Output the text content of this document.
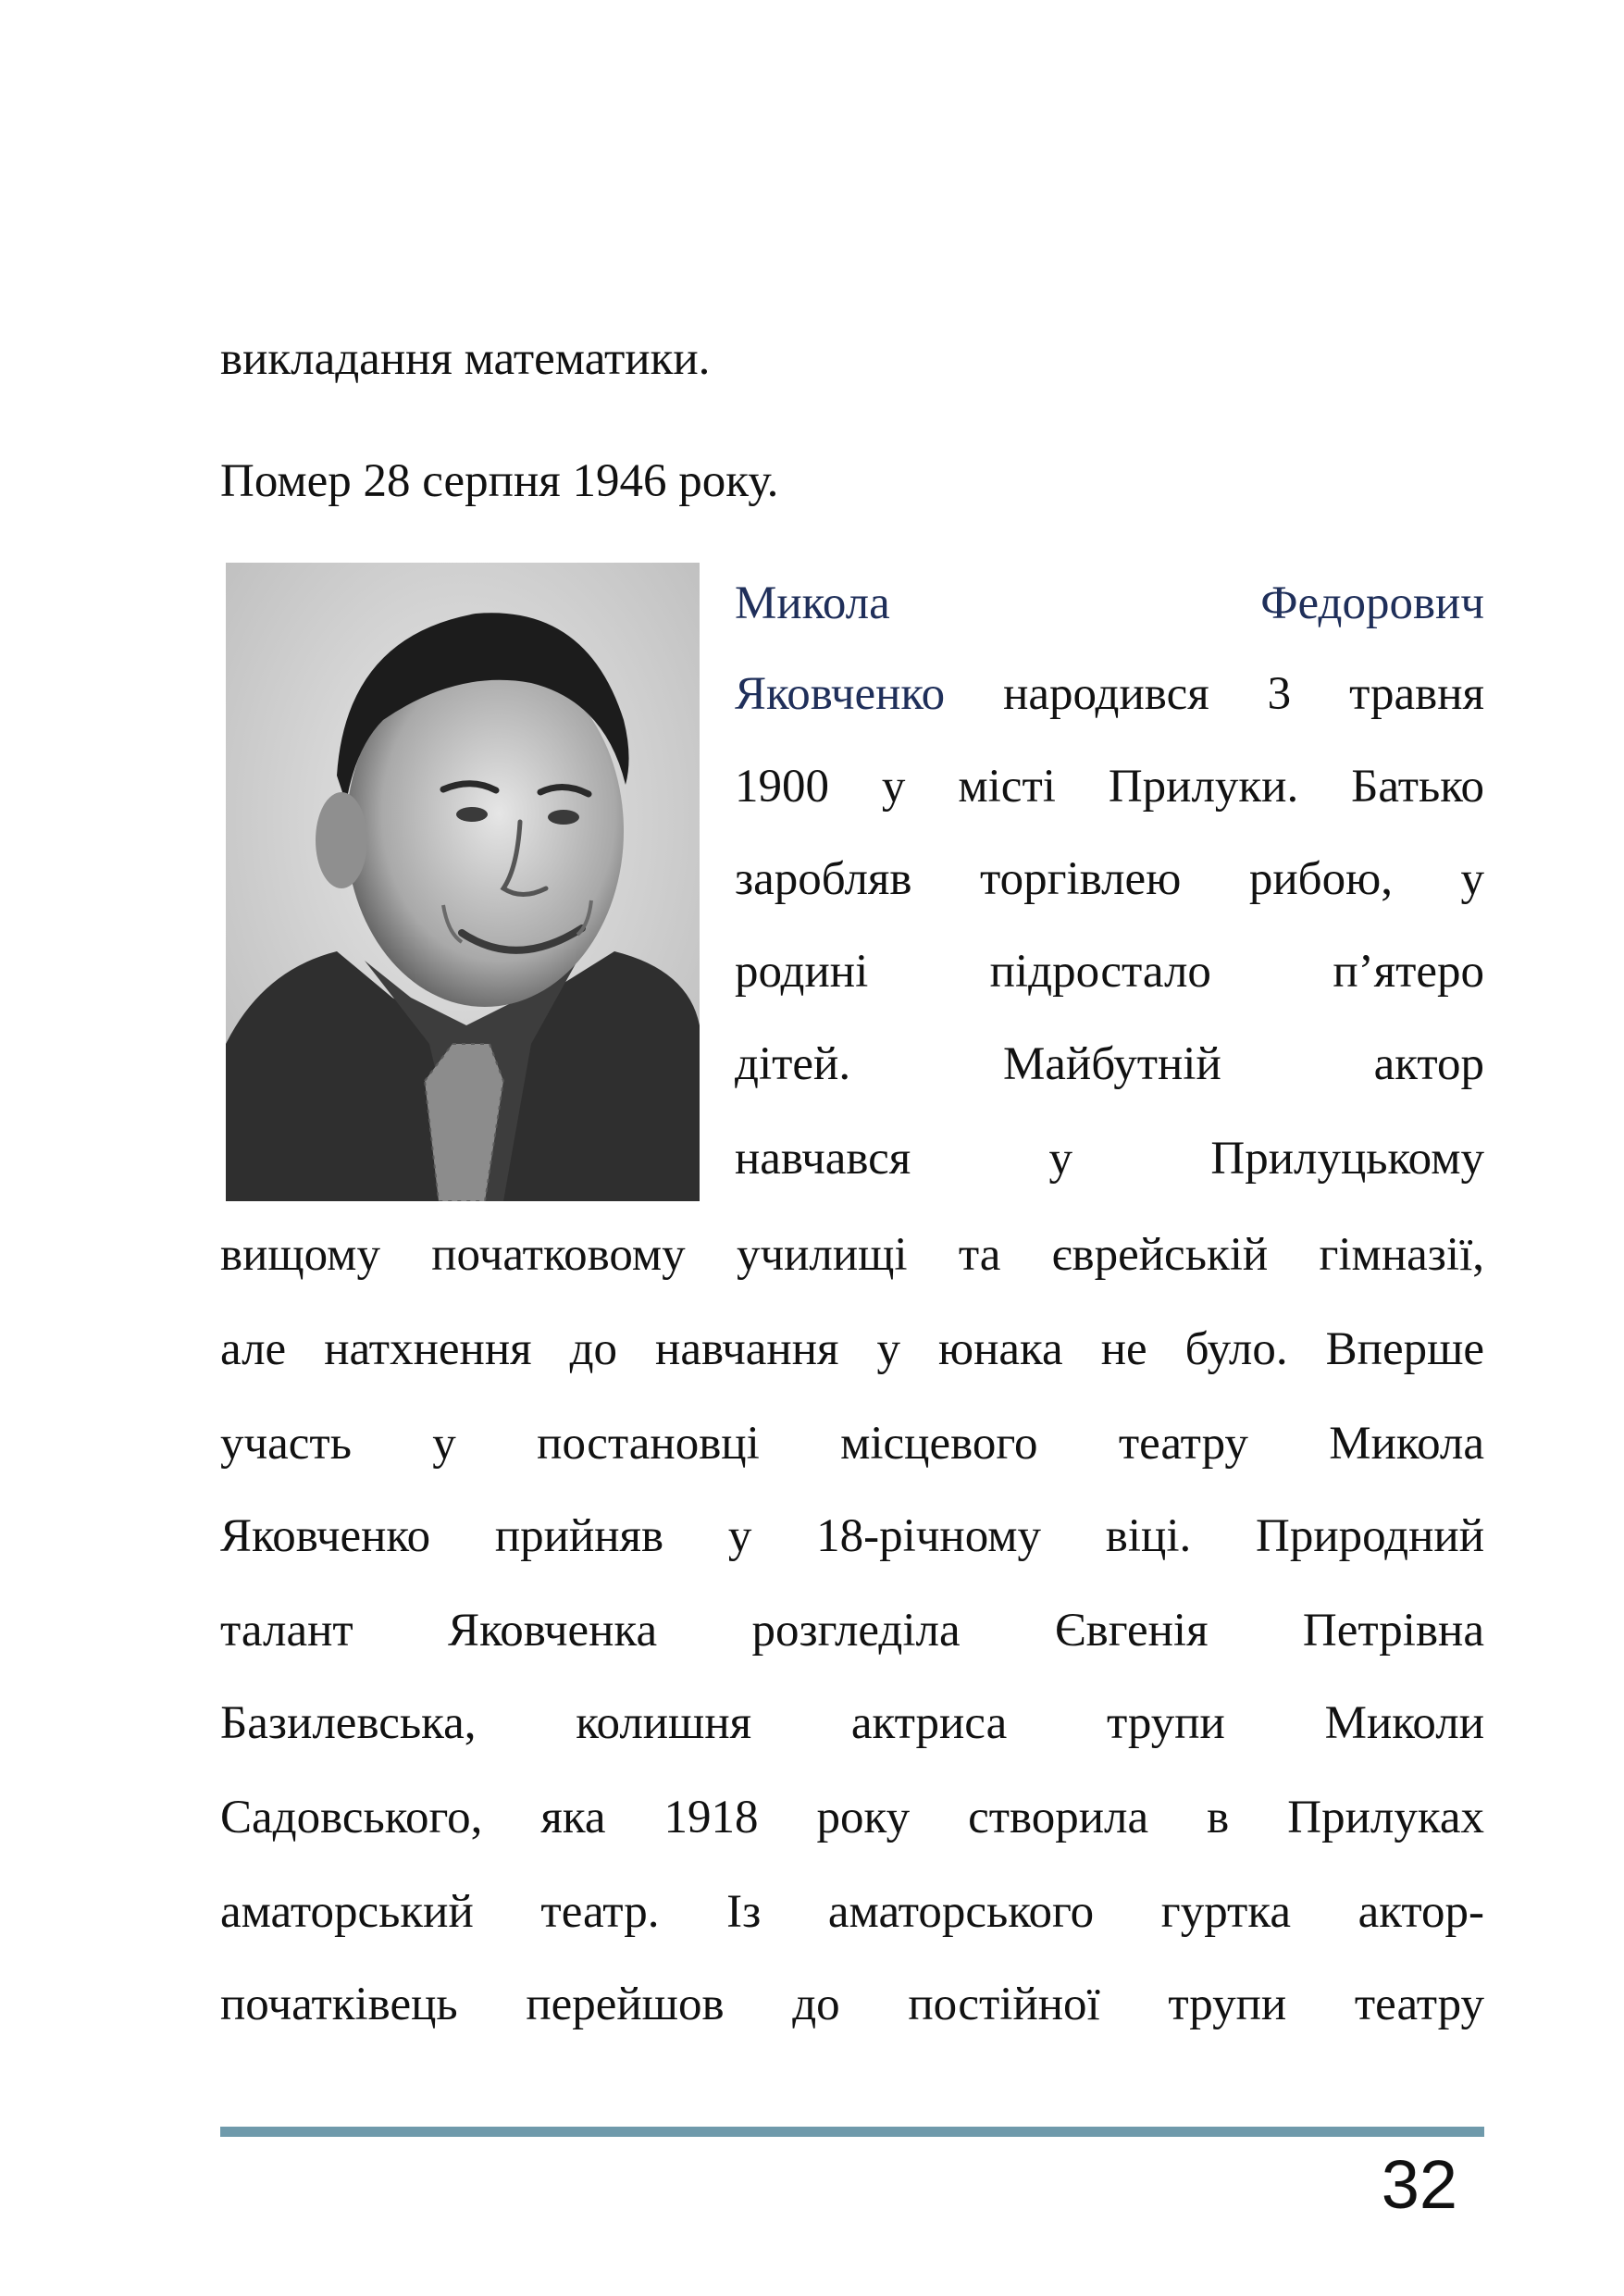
викладання математики.
Помер 28 серпня 1946 року.
Микола	Федорович
Яковченко народився 3 травня
1900 у місті Прилуки. Батько
заробляв торгівлею рибою, у
родині підростало п’ятеро
дітей. Майбутній актор
навчався у Прилуцькому
вищому початковому училищі та єврейській гімназії,
але натхнення до навчання у юнака не було. Вперше
участь у постановці місцевого театру Микола
Яковченко прийняв у 18-річному віці. Природний
талант Яковченка розгледіла Євгенія Петрівна
Базилевська, колишня актриса трупи Миколи
Садовського, яка 1918 року створила в Прилуках
аматорський театр. Із аматорського гуртка актор-
початківець перейшов до постійної трупи театру
32
